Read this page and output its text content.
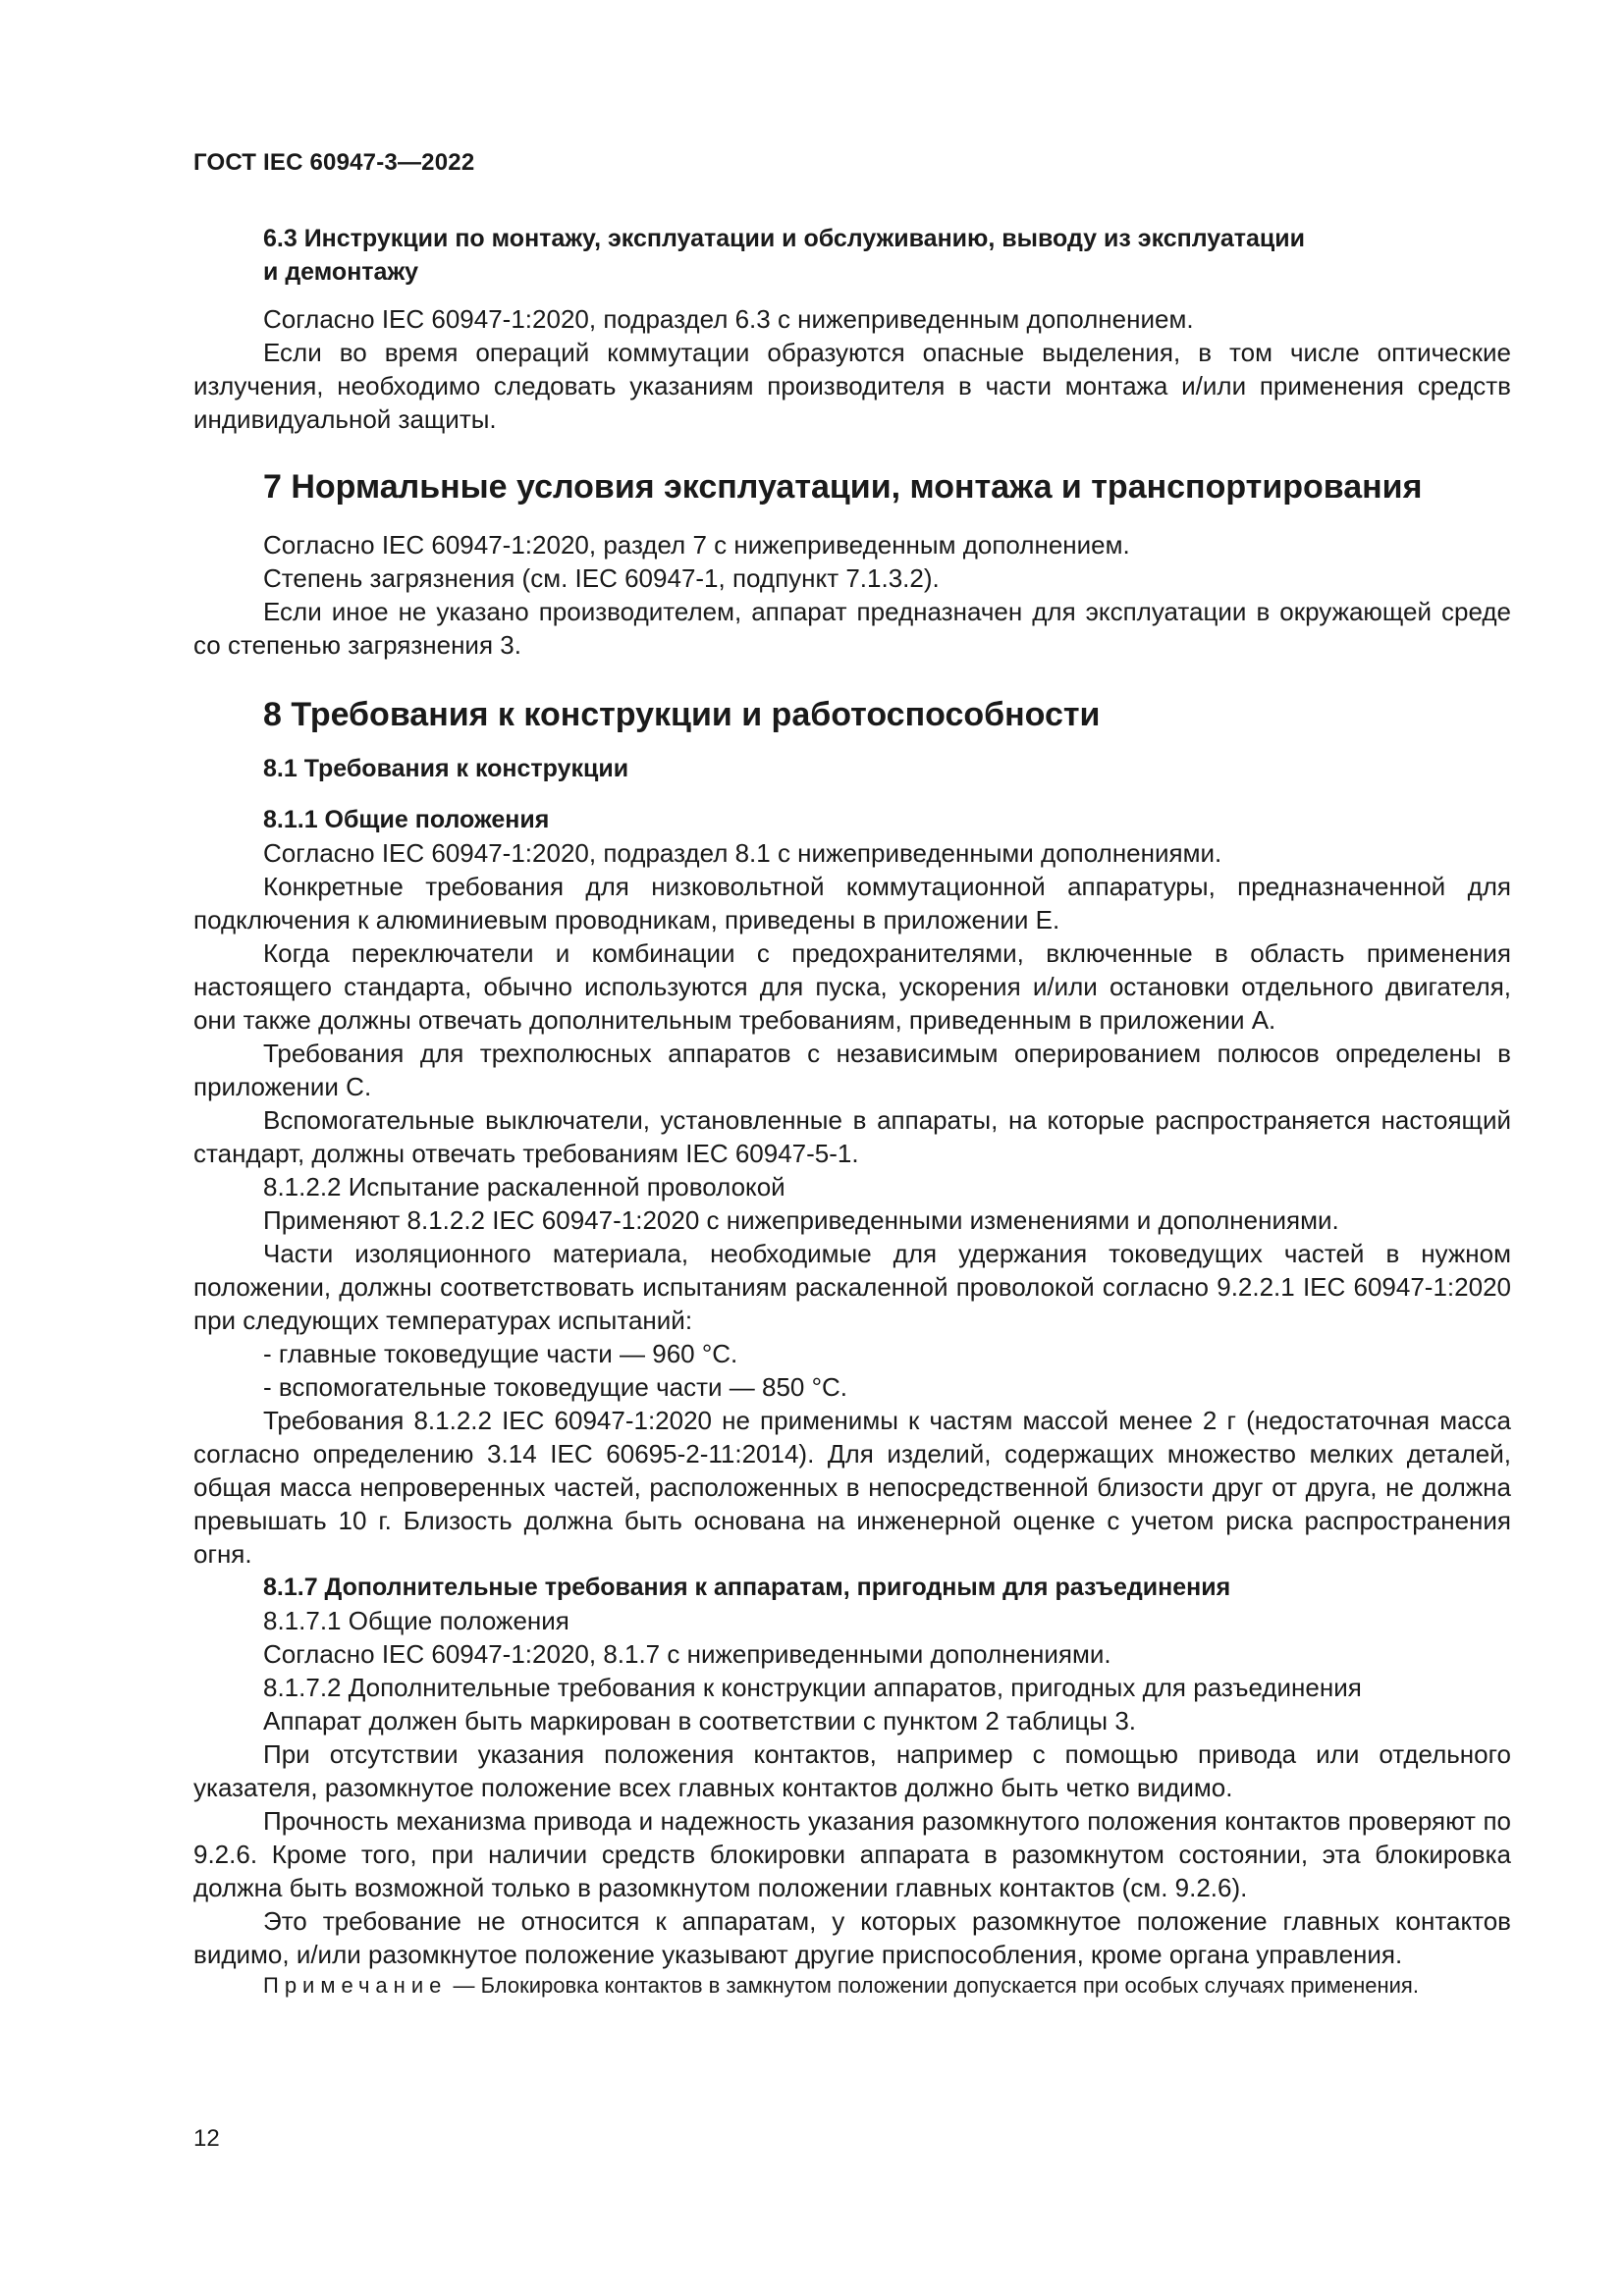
ГОСТ IEC 60947-3—2022

6.3 Инструкции по монтажу, эксплуатации и обслуживанию, выводу из эксплуатации

и демонтажу

Согласно IEC 60947-1:2020, подраздел 6.3 с нижеприведенным дополнением.

Если во время операций коммутации образуются опасные выделения, в том числе оптические излучения, необходимо следовать указаниям производителя в части монтажа и/или применения средств индивидуальной защиты.

7 Нормальные условия эксплуатации, монтажа и транспортирования

Согласно IEC 60947-1:2020, раздел 7 с нижеприведенным дополнением.

Степень загрязнения (см. IEC 60947-1, подпункт 7.1.3.2).

Если иное не указано производителем, аппарат предназначен для эксплуатации в окружающей среде со степенью загрязнения 3.

8 Требования к конструкции и работоспособности

8.1 Требования к конструкции

8.1.1 Общие положения

Согласно IEC 60947-1:2020, подраздел 8.1 с нижеприведенными дополнениями.

Конкретные требования для низковольтной коммутационной аппаратуры, предназначенной для подключения к алюминиевым проводникам, приведены в приложении E.

Когда переключатели и комбинации с предохранителями, включенные в область применения настоящего стандарта, обычно используются для пуска, ускорения и/или остановки отдельного двигателя, они также должны отвечать дополнительным требованиям, приведенным в приложении А.

Требования для трехполюсных аппаратов с независимым оперированием полюсов определены в приложении С.

Вспомогательные выключатели, установленные в аппараты, на которые распространяется настоящий стандарт, должны отвечать требованиям IEC 60947-5-1.

8.1.2.2 Испытание раскаленной проволокой

Применяют 8.1.2.2 IEC 60947-1:2020 с нижеприведенными изменениями и дополнениями.

Части изоляционного материала, необходимые для удержания токоведущих частей в нужном положении, должны соответствовать испытаниям раскаленной проволокой согласно 9.2.2.1 IEC 60947-1:2020 при следующих температурах испытаний:

- главные токоведущие части — 960 °С.

- вспомогательные токоведущие части — 850 °С.

Требования 8.1.2.2 IEC 60947-1:2020 не применимы к частям массой менее 2 г (недостаточная масса согласно определению 3.14 IEC 60695-2-11:2014). Для изделий, содержащих множество мелких деталей, общая масса непроверенных частей, расположенных в непосредственной близости друг от друга, не должна превышать 10 г. Близость должна быть основана на инженерной оценке с учетом риска распространения огня.

8.1.7 Дополнительные требования к аппаратам, пригодным для разъединения

8.1.7.1 Общие положения

Согласно IEC 60947-1:2020, 8.1.7 с нижеприведенными дополнениями.

8.1.7.2 Дополнительные требования к конструкции аппаратов, пригодных для разъединения

Аппарат должен быть маркирован в соответствии с пунктом 2 таблицы 3.

При отсутствии указания положения контактов, например с помощью привода или отдельного указателя, разомкнутое положение всех главных контактов должно быть четко видимо.

Прочность механизма привода и надежность указания разомкнутого положения контактов проверяют по 9.2.6. Кроме того, при наличии средств блокировки аппарата в разомкнутом состоянии, эта блокировка должна быть возможной только в разомкнутом положении главных контактов (см. 9.2.6).

Это требование не относится к аппаратам, у которых разомкнутое положение главных контактов видимо, и/или разомкнутое положение указывают другие приспособления, кроме органа управления.

Примечание — Блокировка контактов в замкнутом положении допускается при особых случаях применения.

12
